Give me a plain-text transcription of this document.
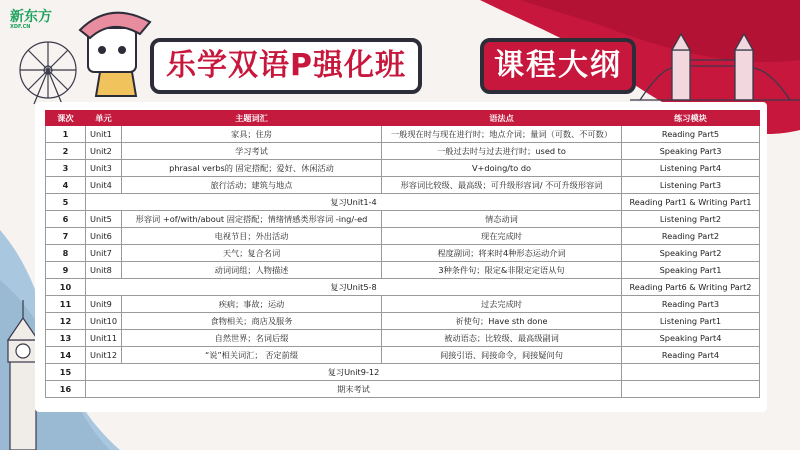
新东方
XDF.CN
乐学双语P强化班	课程大纲
课次	单元	主题词汇	语法点	练习模块
1	Unit1	家具；住房	一般现在时与现在进行时；地点介词；量词（可数、不可数）	Reading Part5
2	Unit2	学习考试	一般过去时与过去进行时；used to	Speaking Part3
3	Unit3	phrasal verbs的 固定搭配；爱好、休闲活动	V+doing/to do	Listening Part4
4	Unit4	旅行活动；建筑与地点	形容词比较级、最高级；可升级形容词/ 不可升级形容词	Listening Part3
5	复习Unit1-4			Reading Part1 & Writing Part1
6	Unit5	形容词 +of/with/about 固定搭配；情绪情感类形容词 -ing/-ed	情态动词	Listening Part2
7	Unit6	电视节目；外出活动	现在完成时	Reading Part2
8	Unit7	天气；复合名词	程度副词；将来时4种形态运动介词	Speaking Part2
9	Unit8	动词词组；人物描述	3种条件句；限定&非限定定语从句	Speaking Part1
10	复习Unit5-8			Reading Part6 & Writing Part2
11	Unit9	疾病；事故；运动	过去完成时	Reading Part3
12	Unit10	食物相关；商店及服务	祈使句；Have sth done	Listening Part1
13	Unit11	自然世界；名词后缀	被动语态；比较级、最高级副词	Speaking Part4
14	Unit12	“说”相关词汇； 否定前缀	间接引语、间接命令，间接疑问句	Reading Part4
15	复习Unit9-12			
16	期末考试			
